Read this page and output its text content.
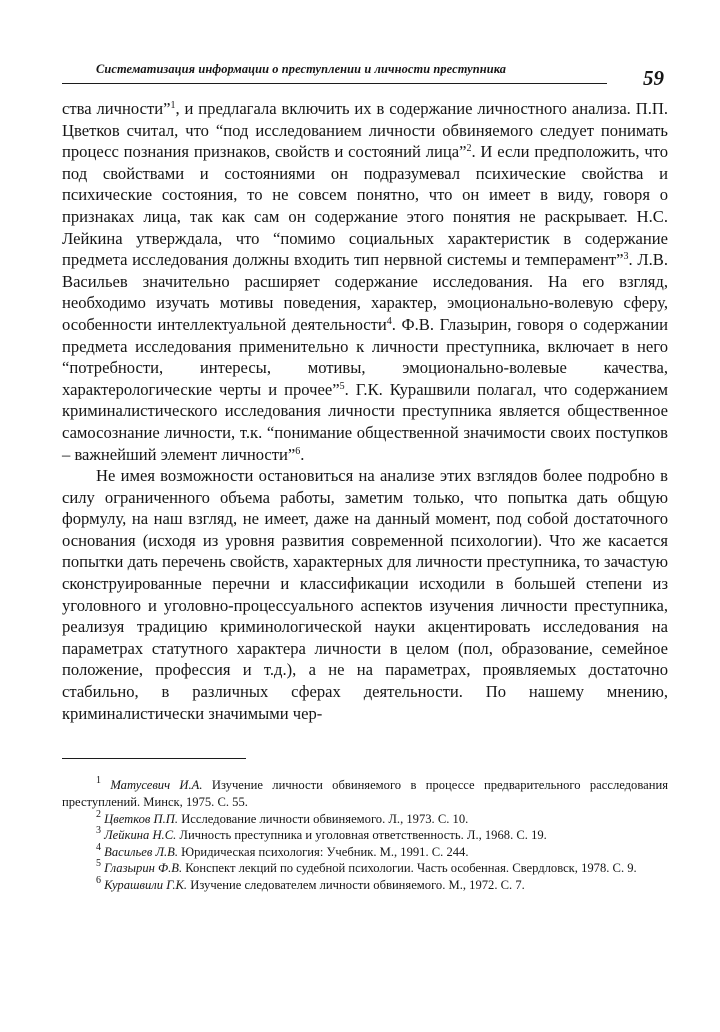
Систематизация информации о преступлении и личности преступника	59

ства личности”$^1$, и предлагала включить их в содержание личностного анализа. П.П. Цветков считал, что “под исследованием личности обвиняемого следует понимать процесс познания признаков, свойств и состояний лица”$^2$. И если предположить, что под свойствами и состояниями он подразумевал психические свойства и психические состояния, то не совсем понятно, что он имеет в виду, говоря о признаках лица, так как сам он содержание этого понятия не раскрывает. Н.С. Лейкина утверждала, что “помимо социальных характеристик в содержание предмета исследования должны входить тип нервной системы и темперамент”$^3$. Л.В. Васильев значительно расширяет содержание исследования. На его взгляд, необходимо изучать мотивы поведения, характер, эмоционально-волевую сферу, особенности интеллектуальной деятельности$^4$. Ф.В. Глазырин, говоря о содержании предмета исследования применительно к личности преступника, включает в него “потребности, интересы, мотивы, эмоционально-волевые качества, характерологические черты и прочее”$^5$. Г.К. Курашвили полагал, что содержанием криминалистического исследования личности преступника является общественное самосознание личности, т.к. “понимание общественной значимости своих поступков – важнейший элемент личности”$^6$.

Не имея возможности остановиться на анализе этих взглядов более подробно в силу ограниченного объема работы, заметим только, что попытка дать общую формулу, на наш взгляд, не имеет, даже на данный момент, под собой достаточного основания (исходя из уровня развития современной психологии). Что же касается попытки дать перечень свойств, характерных для личности преступника, то зачастую сконструированные перечни и классификации исходили в большей степени из уголовного и уголовно-процессуального аспектов изучения личности преступника, реализуя традицию криминологической науки акцентировать исследования на параметрах статутного характера личности в целом (пол, образование, семейное положение, профессия и т.д.), а не на параметрах, проявляемых достаточно стабильно, в различных сферах деятельности. По нашему мнению, криминалистически значимыми чер-

$^1$ Матусевич И.А. Изучение личности обвиняемого в процессе предварительного расследования преступлений. Минск, 1975. С. 55.

$^2$ Цветков П.П. Исследование личности обвиняемого. Л., 1973. С. 10.

$^3$ Лейкина Н.С. Личность преступника и уголовная ответственность. Л., 1968. С. 19.

$^4$ Васильев Л.В. Юридическая психология: Учебник. М., 1991. С. 244.

$^5$ Глазырин Ф.В. Конспект лекций по судебной психологии. Часть особенная. Свердловск, 1978. С. 9.

$^6$ Курашвили Г.К. Изучение следователем личности обвиняемого. М., 1972. С. 7.
